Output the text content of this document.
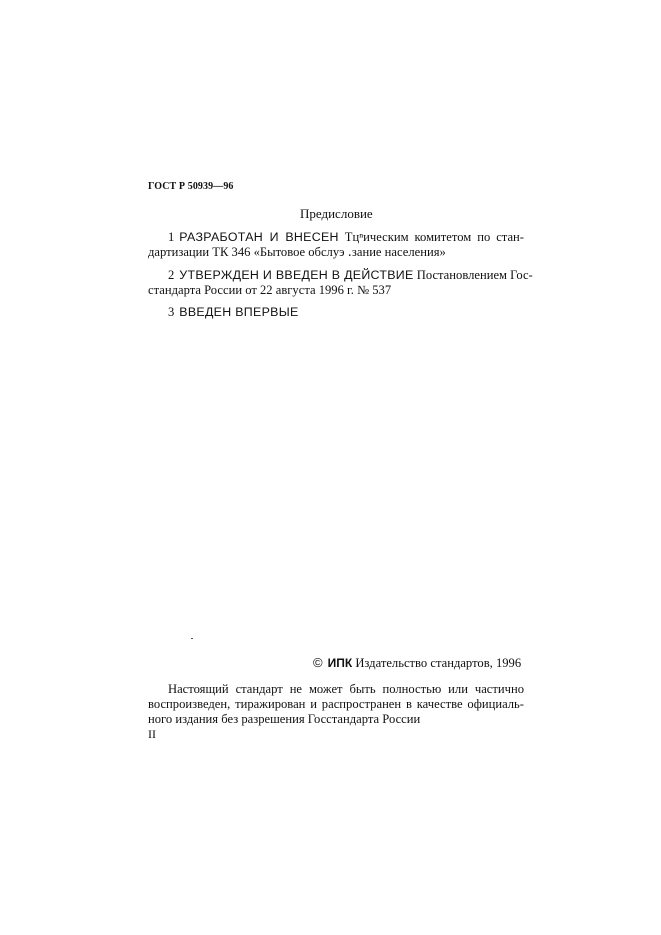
ГОСТ Р 50939—96
Предисловие
1 РАЗРАБОТАН И ВНЕСЕН Тцⁿическим комитетом по стан-
дартизации ТК 346 «Бытовое обслуэ ․зание населения»
2 УТВЕРЖДЕН И ВВЕДЕН В ДЕЙСТВИЕ Постановлением Гос-
стандарта России от 22 августа 1996 г. № 537
3 ВВЕДЕН ВПЕРВЫЕ
© ИПК Издательство стандартов, 1996
Настоящий стандарт не может быть полностью или частично
воспроизведен, тиражирован и распространен в качестве официаль-
ного издания без разрешения Госстандарта России
II
